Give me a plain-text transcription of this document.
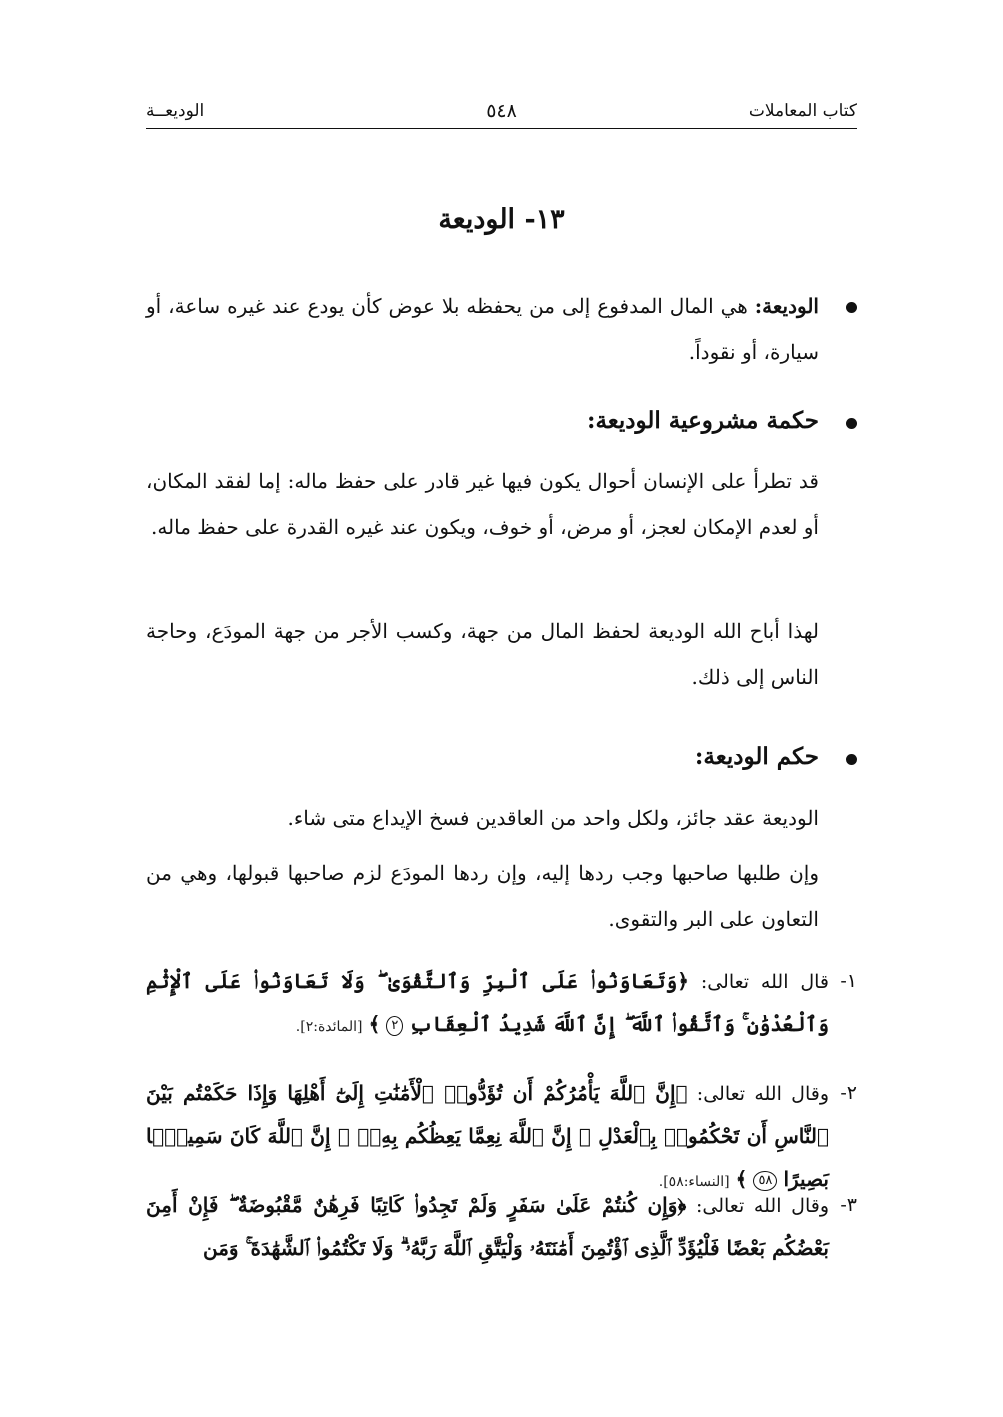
كتاب المعاملات
٥٤٨
الوديعــة
١٣- الوديعة
الوديعة: هي المال المدفوع إلى من يحفظه بلا عوض كأن يودع عند غيره ساعة، أو سيارة، أو نقوداً.
حكمة مشروعية الوديعة:
قد تطرأ على الإنسان أحوال يكون فيها غير قادر على حفظ ماله: إما لفقد المكان، أو لعدم الإمكان لعجز، أو مرض، أو خوف، ويكون عند غيره القدرة على حفظ ماله.
لهذا أباح الله الوديعة لحفظ المال من جهة، وكسب الأجر من جهة المودَع، وحاجة الناس إلى ذلك.
حكم الوديعة:
الوديعة عقد جائز، ولكل واحد من العاقدين فسخ الإيداع متى شاء.
وإن طلبها صاحبها وجب ردها إليه، وإن ردها المودَع لزم صاحبها قبولها، وهي من التعاون على البر والتقوى.
١-
قال الله تعالى: ﴿وَتَعَاوَنُوا۟ عَلَى ٱلْبِرِّ وَٱلتَّقْوَىٰ ۖ وَلَا تَعَاوَنُوا۟ عَلَى ٱلْإِثْمِ وَٱلْعُدْوَٰنِ ۚ وَٱتَّقُوا۟ ٱللَّهَ ۖ إِنَّ ٱللَّهَ شَدِيدُ ٱلْعِقَابِ ٢ ﴾ [المائدة:٢].
٢-
وقال الله تعالى: ﴿إِنَّ ٱللَّهَ يَأْمُرُكُمْ أَن تُؤَدُّوا۟ ٱلْأَمَٰنَٰتِ إِلَىٰٓ أَهْلِهَا وَإِذَا حَكَمْتُم بَيْنَ ٱلنَّاسِ أَن تَحْكُمُوا۟ بِٱلْعَدْلِ ۚ إِنَّ ٱللَّهَ نِعِمَّا يَعِظُكُم بِهِۦٓ ۗ إِنَّ ٱللَّهَ كَانَ سَمِيعًۢا بَصِيرًا ٥٨ ﴾ [النساء:٥٨].
٣-
وقال الله تعالى: ﴿وَإِن كُنتُمْ عَلَىٰ سَفَرٍ وَلَمْ تَجِدُوا۟ كَاتِبًا فَرِهَٰنٌ مَّقْبُوضَةٌ ۖ فَإِنْ أَمِنَ بَعْضُكُم بَعْضًا فَلْيُؤَدِّ ٱلَّذِى ٱؤْتُمِنَ أَمَٰنَتَهُۥ وَلْيَتَّقِ ٱللَّهَ رَبَّهُۥ ۗ وَلَا تَكْتُمُوا۟ ٱلشَّهَٰدَةَ ۚ وَمَن
